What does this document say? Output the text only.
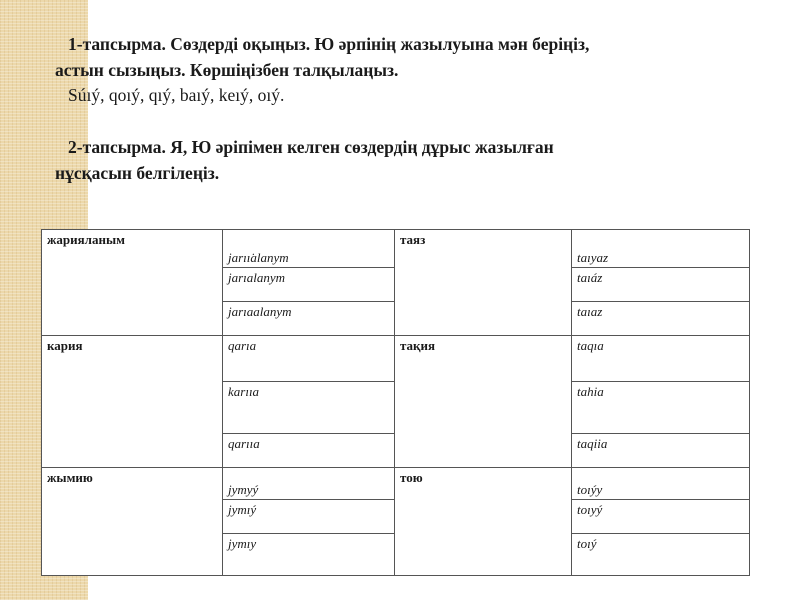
1-тапсырма. Сөздерді оқыңыз. Ю әрпінің жазылуына мән беріңіз,
астын сызыңыз. Көршіңізбен талқылаңыз.
Súıý, qoıý, qıý, baıý, keıý, oıý.
2-тапсырма. Я, Ю әріпімен келген сөздердің дұрыс жазылған
нұсқасын белгілеңіз.
жарияланым	jarıı̇alanym	таяз	taıyaz
	jarıalanym		taıáz
	jarıaalanym		taıaz
кария	qarıa	тақия	taqıa
	karııa		tahia
	qarııa		taqiia
жымию	jymyý	тою	toıýy
	jymıý		toıyý
	jymıy		toıý
